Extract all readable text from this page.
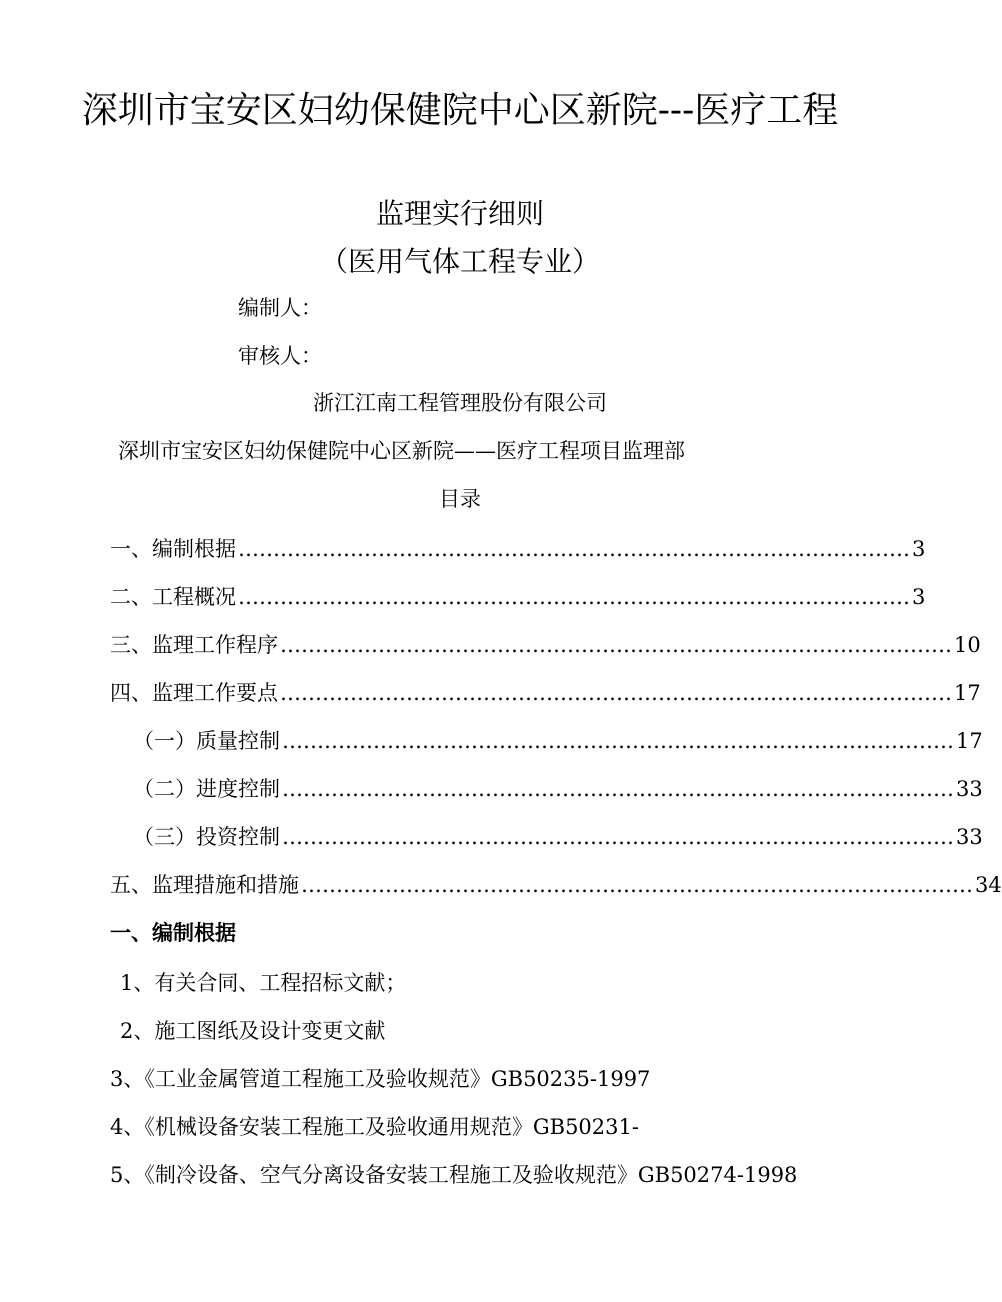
深圳市宝安区妇幼保健院中心区新院---医疗工程

监理实行细则

（医用气体工程专业）

编制人：

审核人：

浙江江南工程管理股份有限公司

深圳市宝安区妇幼保健院中心区新院——医疗工程项目监理部

目录

一、编制根据 …………………………………………………………………………………… 3
二、工程概况 …………………………………………………………………………………… 3
三、监理工作程序 …………………………………………………………………………………… 10
四、监理工作要点 …………………………………………………………………………………… 17
（一）质量控制 …………………………………………………………………………………… 17
（二）进度控制 …………………………………………………………………………………… 33
（三）投资控制 …………………………………………………………………………………… 33
五、监理措施和措施 …………………………………………………………………………………… 34
一、编制根据

1、有关合同、工程招标文献；

2、施工图纸及设计变更文献

3、《工业金属管道工程施工及验收规范》GB50235-1997

4、《机械设备安装工程施工及验收通用规范》GB50231-

5、《制冷设备、空气分离设备安装工程施工及验收规范》GB50274-1998
